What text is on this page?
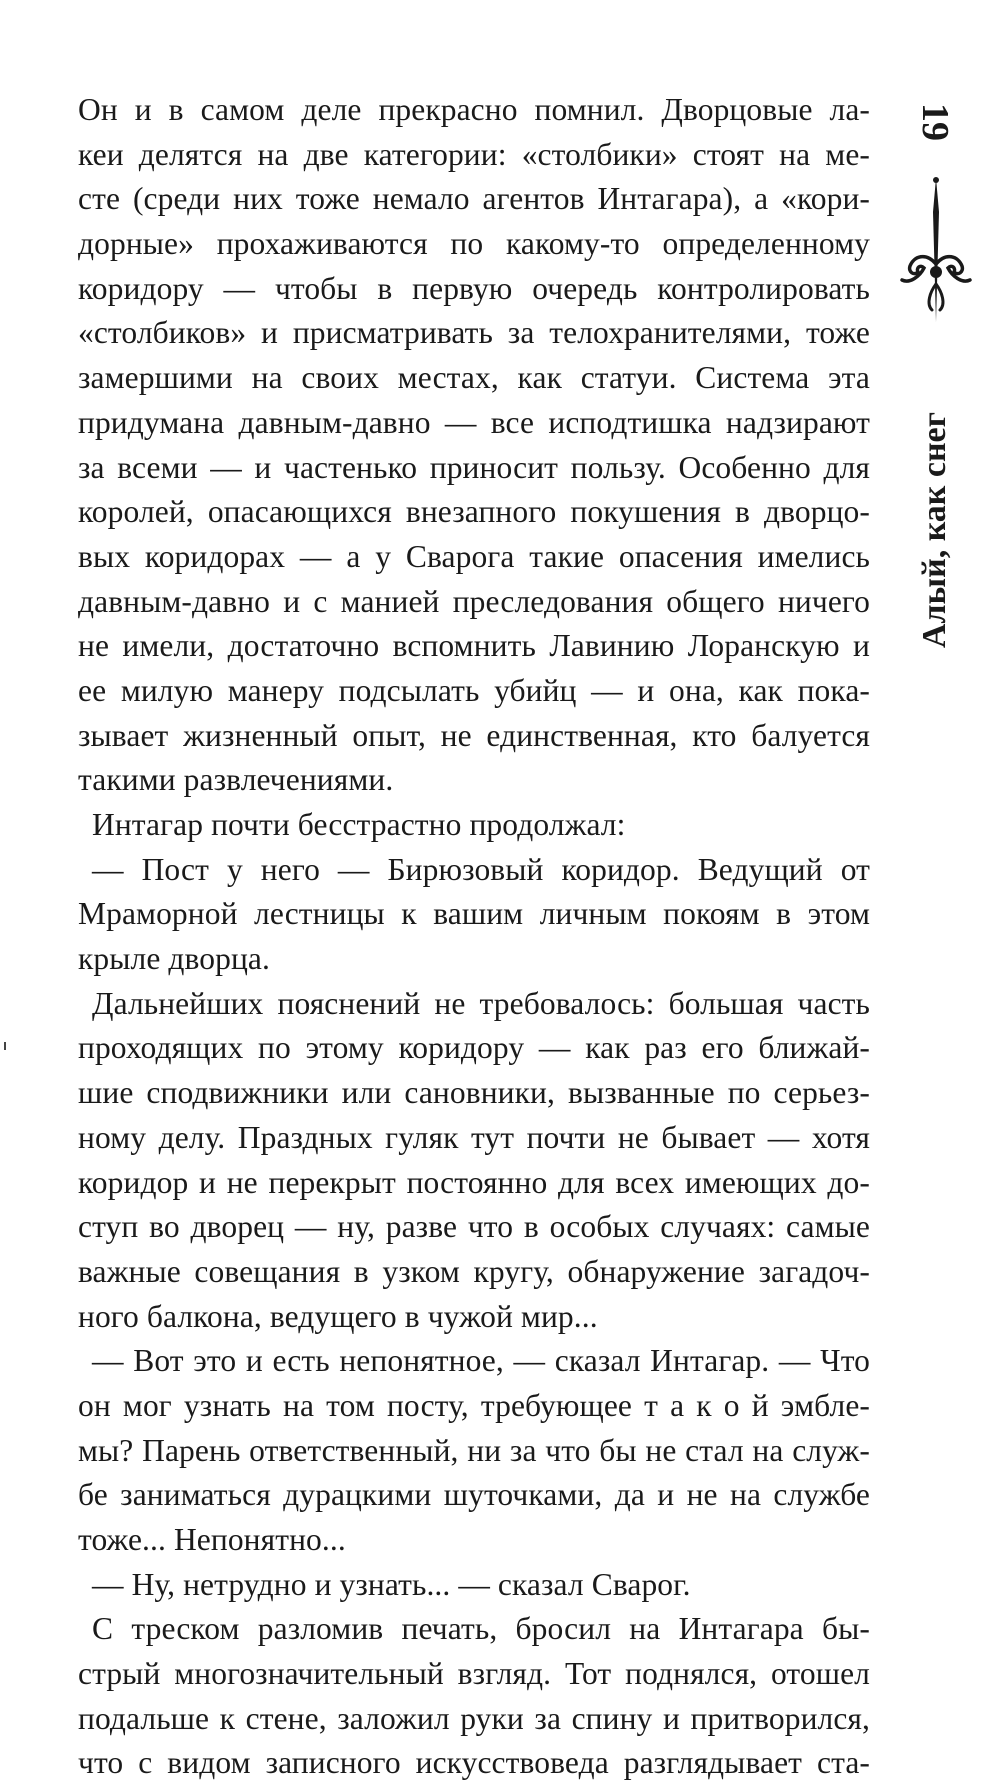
Он и в самом деле прекрасно помнил. Дворцовые ла-
кеи делятся на две категории: «столбики» стоят на ме-
сте (среди них тоже немало агентов Интагара), а «кори-
дорные» прохаживаются по какому-то определенному
коридору — чтобы в первую очередь контролировать
«столбиков» и присматривать за телохранителями, тоже
замершими на своих местах, как статуи. Система эта
придумана давным-давно — все исподтишка надзирают
за всеми — и частенько приносит пользу. Особенно для
королей, опасающихся внезапного покушения в дворцо-
вых коридорах — а у Сварога такие опасения имелись
давным-давно и с манией преследования общего ничего
не имели, достаточно вспомнить Лавинию Лоранскую и
ее милую манеру подсылать убийц — и она, как пока-
зывает жизненный опыт, не единственная, кто балуется
такими развлечениями.
Интагар почти бесстрастно продолжал:
— Пост у него — Бирюзовый коридор. Ведущий от
Мраморной лестницы к вашим личным покоям в этом
крыле дворца.
Дальнейших пояснений не требовалось: большая часть
проходящих по этому коридору — как раз его ближай-
шие сподвижники или сановники, вызванные по серьез-
ному делу. Праздных гуляк тут почти не бывает — хотя
коридор и не перекрыт постоянно для всех имеющих до-
ступ во дворец — ну, разве что в особых случаях: самые
важные совещания в узком кругу, обнаружение загадоч-
ного балкона, ведущего в чужой мир...
— Вот это и есть непонятное, — сказал Интагар. — Что
он мог узнать на том посту, требующее т а к о й эмбле-
мы? Парень ответственный, ни за что бы не стал на служ-
бе заниматься дурацкими шуточками, да и не на службе
тоже... Непонятно...
— Ну, нетрудно и узнать... — сказал Сварог.
С треском разломив печать, бросил на Интагара бы-
стрый многозначительный взгляд. Тот поднялся, отошел
подальше к стене, заложил руки за спину и притворился,
что с видом записного искусствоведа разглядывает ста-
19
Алый, как снег
